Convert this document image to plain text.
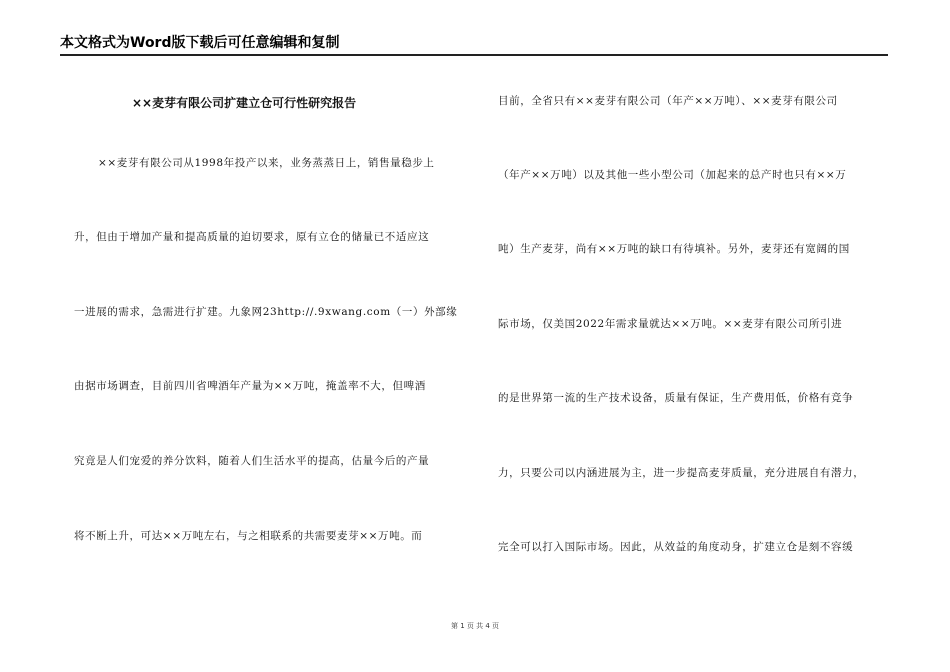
本文格式为Word版下载后可任意编辑和复制
××麦芽有限公司扩建立仓可行性研究报告
××麦芽有限公司从1998年投产以来，业务蒸蒸日上，销售量稳步上
升，但由于增加产量和提高质量的迫切要求，原有立仓的储量已不适应这
一进展的需求，急需进行扩建。九象网23http://.9xwang.com（一）外部缘
由据市场调查，目前四川省啤酒年产量为××万吨，掩盖率不大，但啤酒
究竟是人们宠爱的养分饮料，随着人们生活水平的提高，估量今后的产量
将不断上升，可达××万吨左右，与之相联系的共需要麦芽××万吨。而
目前，全省只有××麦芽有限公司（年产××万吨）、××麦芽有限公司
（年产××万吨）以及其他一些小型公司（加起来的总产时也只有××万
吨）生产麦芽，尚有××万吨的缺口有待填补。另外，麦芽还有宽阔的国
际市场，仅美国2022年需求量就达××万吨。××麦芽有限公司所引进
的是世界第一流的生产技术设备，质量有保证，生产费用低，价格有竞争
力，只要公司以内涵进展为主，进一步提高麦芽质量，充分进展自有潜力，
完全可以打入国际市场。因此，从效益的角度动身，扩建立仓是刻不容缓
第 1 页 共 4 页
